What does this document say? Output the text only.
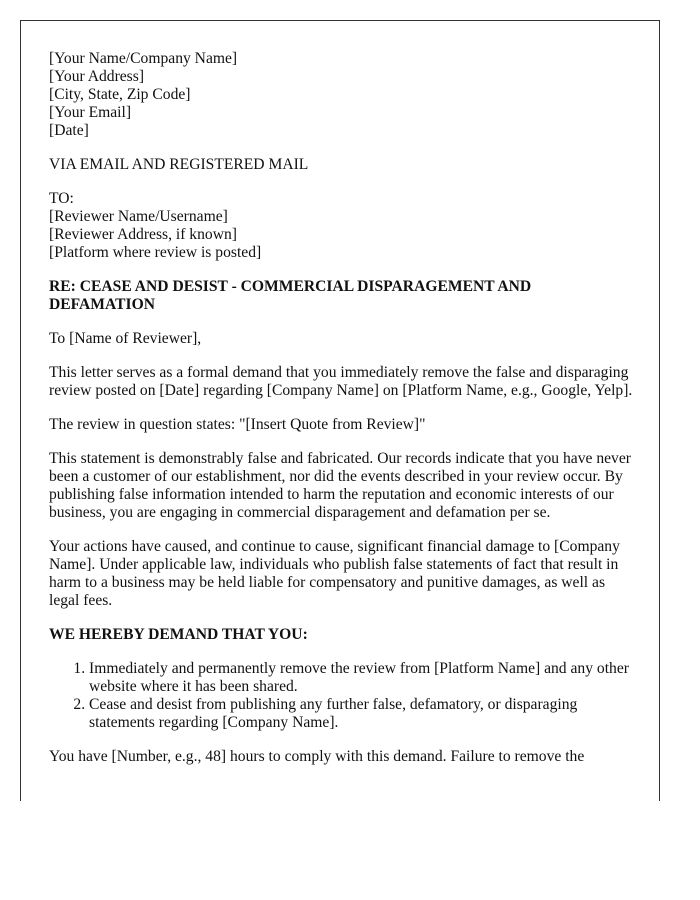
[Your Name/Company Name]
[Your Address]
[City, State, Zip Code]
[Your Email]
[Date]

VIA EMAIL AND REGISTERED MAIL

TO:
[Reviewer Name/Username]
[Reviewer Address, if known]
[Platform where review is posted]
RE: CEASE AND DESIST - COMMERCIAL DISPARAGEMENT AND DEFAMATION

To [Name of Reviewer],

This letter serves as a formal demand that you immediately remove the false and disparaging review posted on [Date] regarding [Company Name] on [Platform Name, e.g., Google, Yelp].

The review in question states: "[Insert Quote from Review]"

This statement is demonstrably false and fabricated. Our records indicate that you have never been a customer of our establishment, nor did the events described in your review occur. By publishing false information intended to harm the reputation and economic interests of our business, you are engaging in commercial disparagement and defamation per se.

Your actions have caused, and continue to cause, significant financial damage to [Company Name]. Under applicable law, individuals who publish false statements of fact that result in harm to a business may be held liable for compensatory and punitive damages, as well as legal fees.

WE HEREBY DEMAND THAT YOU:
1. Immediately and permanently remove the review from [Platform Name] and any other website where it has been shared.
2. Cease and desist from publishing any further false, defamatory, or disparaging statements regarding [Company Name].

You have [Number, e.g., 48] hours to comply with this demand. Failure to remove the
